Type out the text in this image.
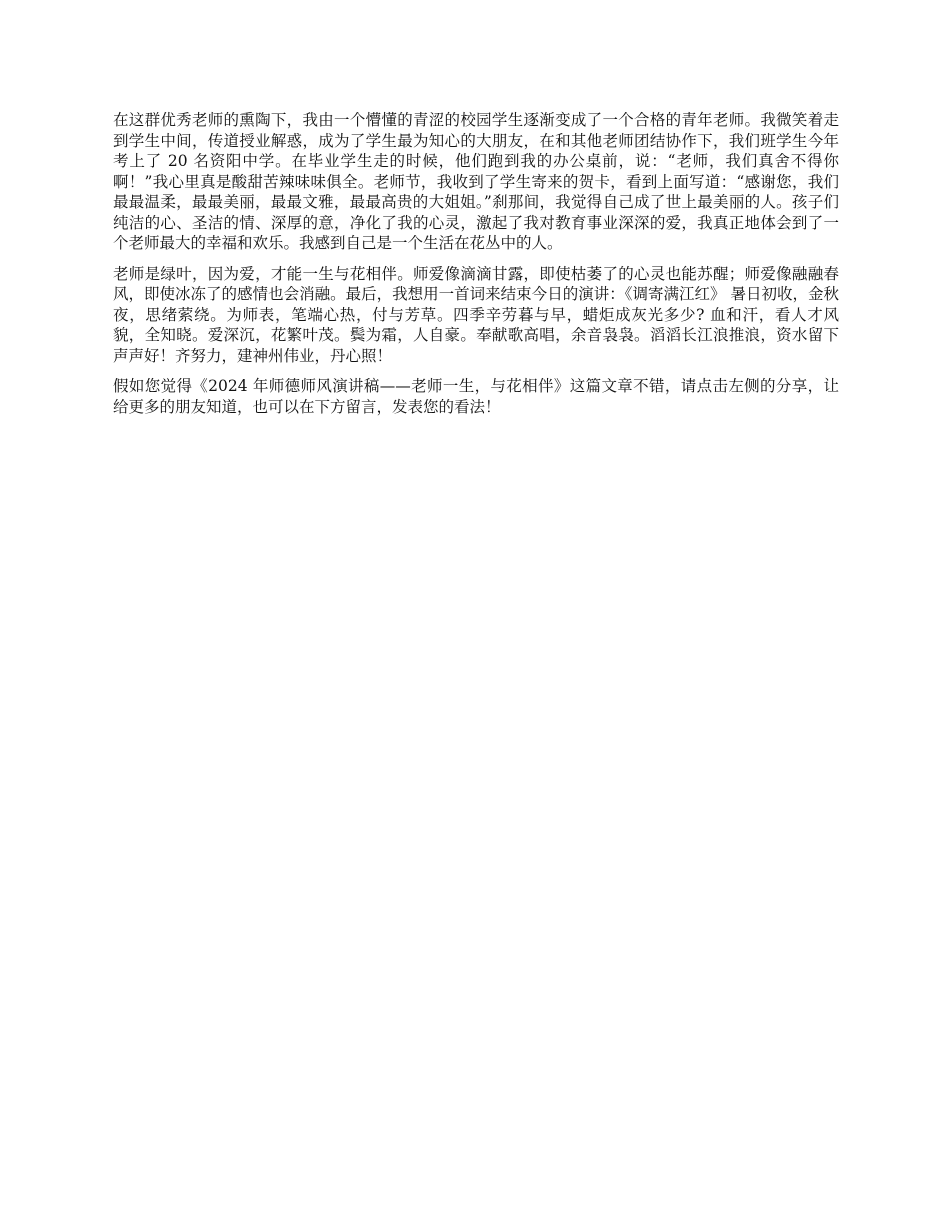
在这群优秀老师的熏陶下，我由一个懵懂的青涩的校园学生逐渐变成了一个合格的青年老师。我微笑着走到学生中间，传道授业解惑，成为了学生最为知心的大朋友，在和其他老师团结协作下，我们班学生今年考上了 20 名资阳中学。在毕业学生走的时候，他们跑到我的办公桌前，说：“老师，我们真舍不得你啊！”我心里真是酸甜苦辣味味俱全。老师节，我收到了学生寄来的贺卡，看到上面写道：“感谢您，我们最最温柔，最最美丽，最最文雅，最最高贵的大姐姐。”刹那间，我觉得自己成了世上最美丽的人。孩子们纯洁的心、圣洁的情、深厚的意，净化了我的心灵，激起了我对教育事业深深的爱，我真正地体会到了一个老师最大的幸福和欢乐。我感到自己是一个生活在花丛中的人。

老师是绿叶，因为爱，才能一生与花相伴。师爱像滴滴甘露，即使枯萎了的心灵也能苏醒；师爱像融融春风，即使冰冻了的感情也会消融。最后，我想用一首词来结束今日的演讲：《调寄满江红》 暑日初收，金秋夜，思绪萦绕。为师表，笔端心热，付与芳草。四季辛劳暮与早，蜡炬成灰光多少? 血和汗，看人才风貌，全知晓。爱深沉，花繁叶茂。鬓为霜，人自豪。奉献歌高唱，余音袅袅。滔滔长江浪推浪，资水留下声声好！齐努力，建神州伟业，丹心照！

假如您觉得《2024 年师德师风演讲稿——老师一生，与花相伴》这篇文章不错，请点击左侧的分享，让给更多的朋友知道，也可以在下方留言，发表您的看法！
